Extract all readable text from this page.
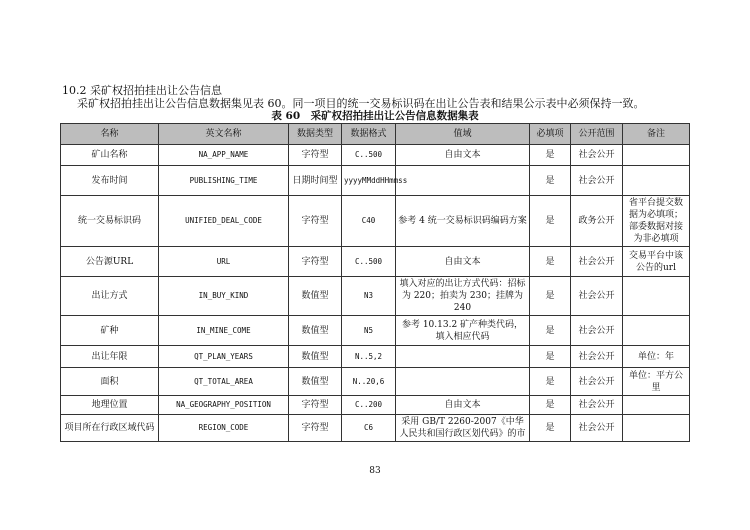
10.2 采矿权招拍挂出让公告信息
采矿权招拍挂出让公告信息数据集见表 60。同一项目的统一交易标识码在出让公告表和结果公示表中必须保持一致。
表 60　采矿权招拍挂出让公告信息数据集表
名称	英文名称	数据类型	数据格式	值域	必填项	公开范围	备注
矿山名称	NA_APP_NAME	字符型	C..500	自由文本	是	社会公开	
发布时间	PUBLISHING_TIME	日期时间型	yyyyMMddHHmmss		是	社会公开	
统一交易标识码	UNIFIED_DEAL_CODE	字符型	C40	参考 4 统一交易标识码编码方案	是	政务公开	省平台提交数据为必填项；部委数据对接为非必填项
公告源URL	URL	字符型	C..500	自由文本	是	社会公开	交易平台中该公告的url
出让方式	IN_BUY_KIND	数值型	N3	填入对应的出让方式代码：招标为 220；拍卖为 230；挂牌为 240	是	社会公开	
矿种	IN_MINE_COME	数值型	N5	参考 10.13.2 矿产种类代码，填入相应代码	是	社会公开	
出让年限	QT_PLAN_YEARS	数值型	N..5,2		是	社会公开	单位：年
面积	QT_TOTAL_AREA	数值型	N..20,6		是	社会公开	单位：平方公里
地理位置	NA_GEOGRAPHY_POSITION	字符型	C..200	自由文本	是	社会公开	
项目所在行政区域代码	REGION_CODE	字符型	C6	采用 GB/T 2260-2007《中华人民共和国行政区划代码》的市	是	社会公开	
83
